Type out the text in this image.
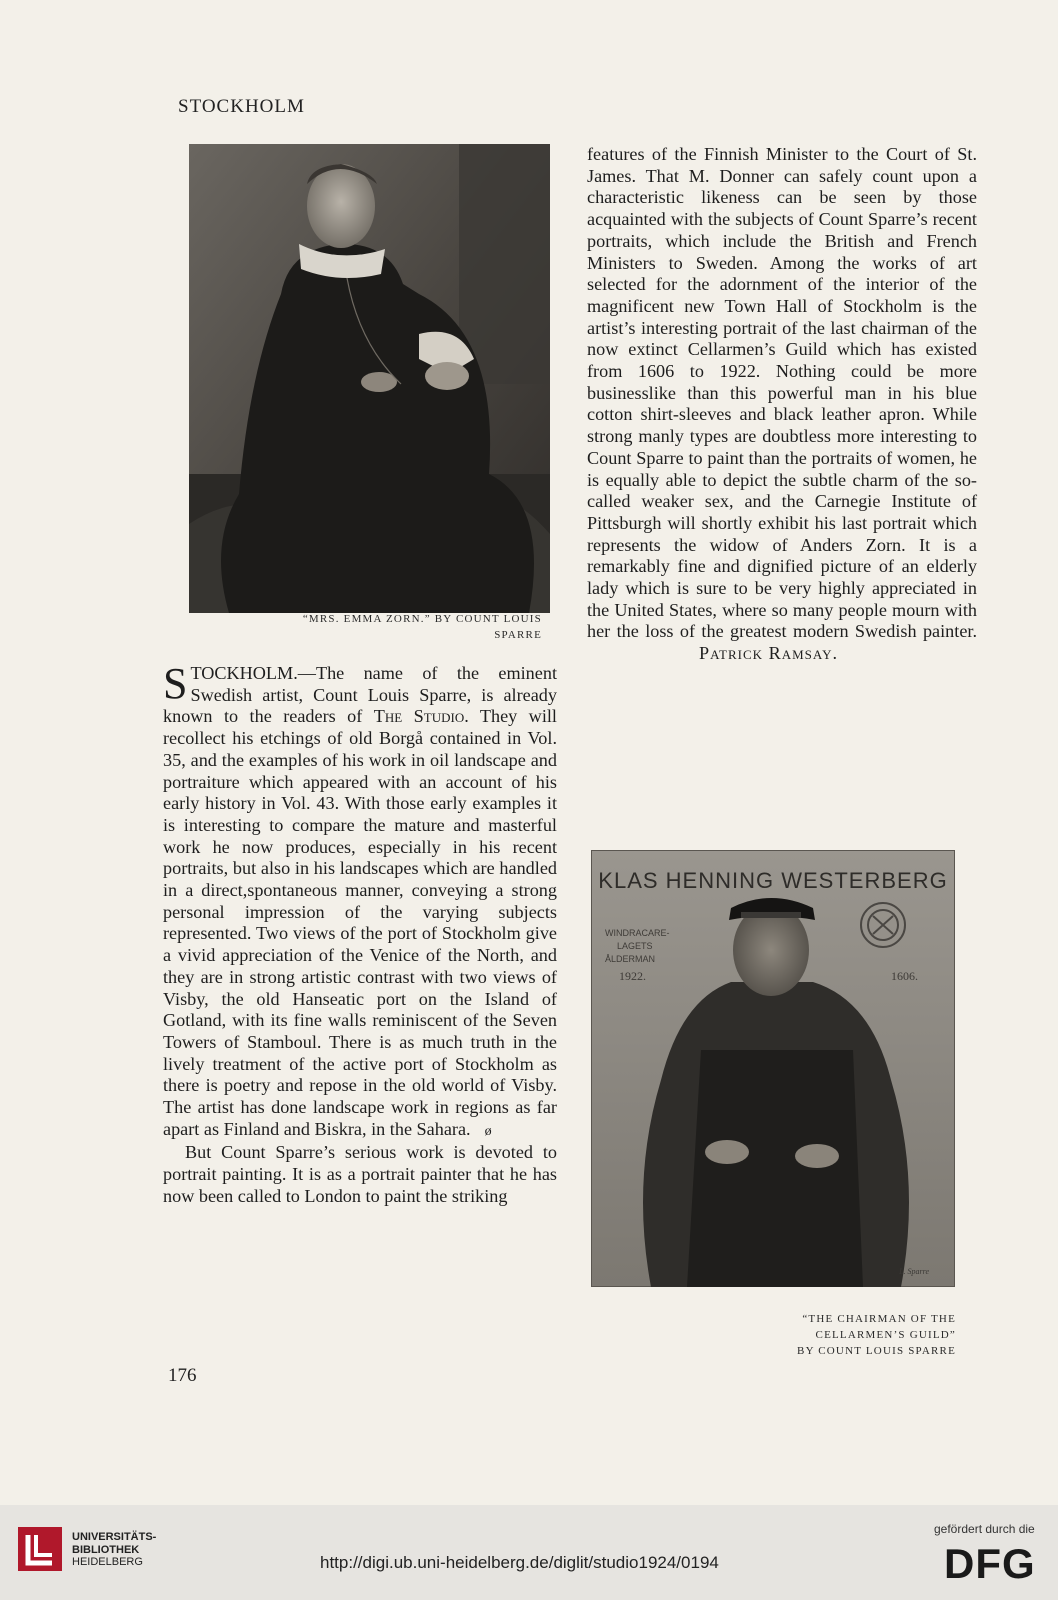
STOCKHOLM
“MRS. EMMA ZORN.” BY COUNT LOUIS SPARRE

STOCKHOLM.—The name of the eminent Swedish artist, Count Louis Sparre, is already known to the readers of The Studio. They will recollect his etchings of old Borgå contained in Vol. 35, and the examples of his work in oil landscape and portraiture which appeared with an account of his early history in Vol. 43. With those early examples it is interesting to compare the mature and masterful work he now produces, especially in his recent portraits, but also in his landscapes which are handled in a direct,spontaneous manner, conveying a strong personal impression of the varying subjects represented. Two views of the port of Stockholm give a vivid appreciation of the Venice of the North, and they are in strong artistic contrast with two views of Visby, the old Hanseatic port on the Island of Gotland, with its fine walls reminiscent of the Seven Towers of Stamboul. There is as much truth in the lively treatment of the active port of Stockholm as there is poetry and repose in the old world of Visby. The artist has done landscape work in regions as far apart as Finland and Biskra, in the Sahara. ø

But Count Sparre’s serious work is devoted to portrait painting. It is as a portrait painter that he has now been called to London to paint the striking

176

features of the Finnish Minister to the Court of St. James. That M. Donner can safely count upon a characteristic likeness can be seen by those acquainted with the subjects of Count Sparre’s recent portraits, which include the British and French Ministers to Sweden. Among the works of art selected for the adornment of the interior of the magnificent new Town Hall of Stockholm is the artist’s interesting portrait of the last chairman of the now extinct Cellarmen’s Guild which has existed from 1606 to 1922. Nothing could be more businesslike than this powerful man in his blue cotton shirt-sleeves and black leather apron. While strong manly types are doubtless more interesting to Count Sparre to paint than the portraits of women, he is equally able to depict the subtle charm of the so-called weaker sex, and the Carnegie Institute of Pittsburgh will shortly exhibit his last portrait which represents the widow of Anders Zorn. It is a remarkably fine and dignified picture of an elderly lady which is sure to be very highly appreciated in the United States, where so many people mourn with her the loss of the greatest modern Swedish painter.Patrick Ramsay.

KLAS HENNING WESTERBERG
WINDRACARE-
LAGETS
ÅLDERMAN
1922.	1606.
L. Sparre
“THE CHAIRMAN OF THE
CELLARMEN’S GUILD”
BY COUNT LOUIS SPARRE
UNIVERSITÄTS-
BIBLIOTHEK
HEIDELBERG	http://digi.ub.uni-heidelberg.de/diglit/studio1924/0194
gefördert durch die
DFG
